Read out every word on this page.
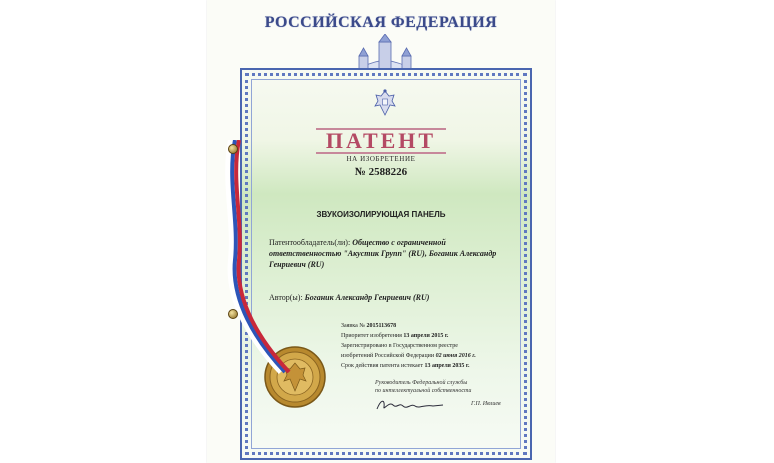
РОССИЙСКАЯ ФЕДЕРАЦИЯ
ПАТЕНТ
НА ИЗОБРЕТЕНИЕ
№ 2588226
ЗВУКОИЗОЛИРУЮЩАЯ ПАНЕЛЬ
Патентообладатель(ли): Общество с ограниченной ответственностью "Акустик Групп" (RU), Боганик Александр Генриевич (RU)
Автор(ы): Боганик Александр Генриевич (RU)
Заявка № 2015113678
Приоритет изобретения 13 апреля 2015 г.
Зарегистрировано в Государственном реестре
изобретений Российской Федерации 02 июня 2016 г.
Срок действия патента истекает 13 апреля 2035 г.
Руководитель Федеральной службы
по интеллектуальной собственности
Г.П. Ивлиев
